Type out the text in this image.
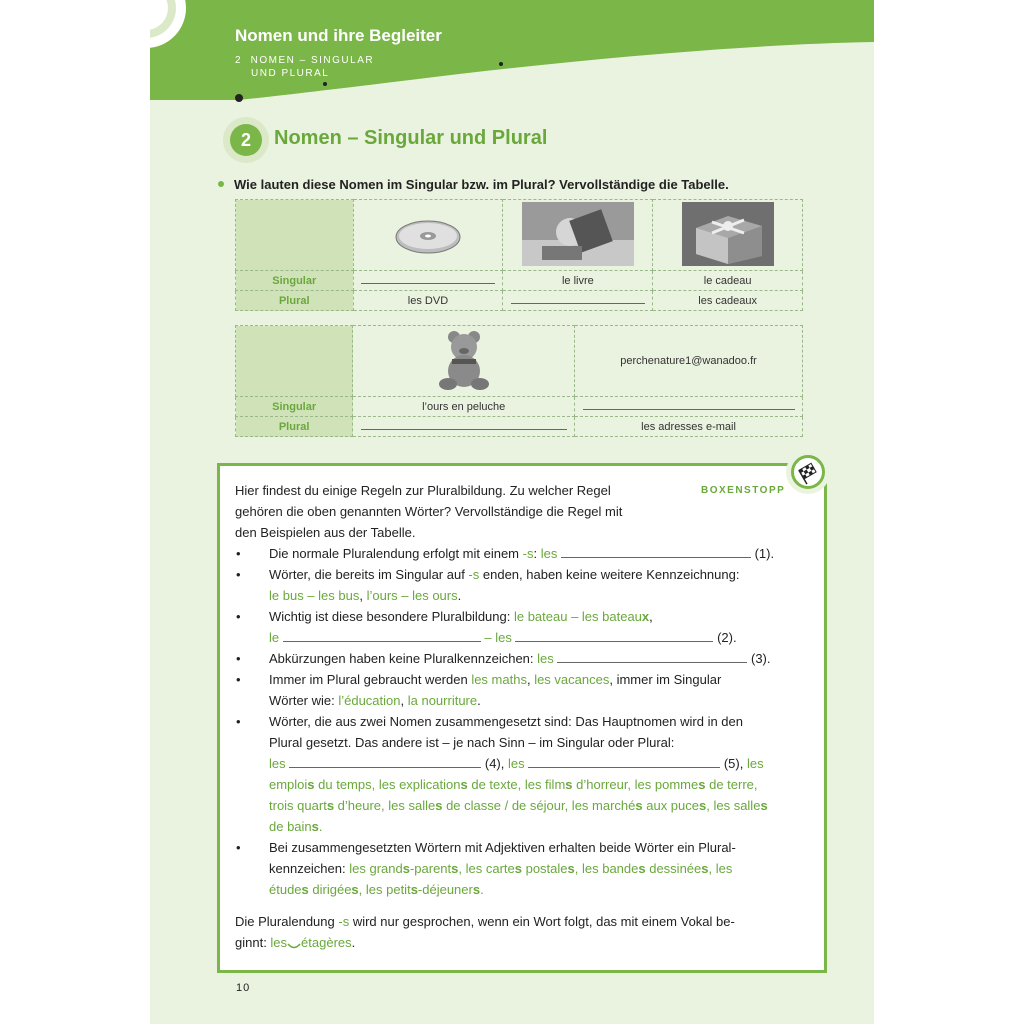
Nomen und ihre Begleiter
2 NOMEN – SINGULAR
UND PLURAL
2	Nomen – Singular und Plural
Wie lauten diese Nomen im Singular bzw. im Plural? Vervollständige die Tabelle.

Singular		le livre	le cadeau
Plural	les DVD		les cadeaux
		perchenature1@wanadoo.fr
Singular	l’ours en peluche	
Plural		les adresses e-mail
BOXENSTOPP
Hier findest du einige Regeln zur Pluralbildung. Zu welcher Regel
gehören die oben genannten Wörter? Vervollständige die Regel mit
den Beispielen aus der Tabelle.
• Die normale Pluralendung erfolgt mit einem -s: les	(1).
• Wörter, die bereits im Singular auf -s enden, haben keine weitere Kennzeichnung:
le bus – les bus, l’ours – les ours.
• Wichtig ist diese besondere Pluralbildung: le bateau – les bateaux,
le	– les	(2).
• Abkürzungen haben keine Pluralkennzeichen: les	(3).
• Immer im Plural gebraucht werden les maths, les vacances, immer im Singular
Wörter wie: l’éducation, la nourriture.
• Wörter, die aus zwei Nomen zusammengesetzt sind: Das Hauptnomen wird in den
Plural gesetzt. Das andere ist – je nach Sinn – im Singular oder Plural:
les	(4), les	(5), les
emplois du temps, les explications de texte, les films d’horreur, les pommes de terre,
trois quarts d’heure, les salles de classe / de séjour, les marchés aux puces, les salles
de bains.
• Bei zusammengesetzten Wörtern mit Adjektiven erhalten beide Wörter ein Plural-
kennzeichen: les grands-parents, les cartes postales, les bandes dessinées, les
études dirigées, les petits-déjeuners.
Die Pluralendung -s wird nur gesprochen, wenn ein Wort folgt, das mit einem Vokal be-
ginnt: les étagères.
10
